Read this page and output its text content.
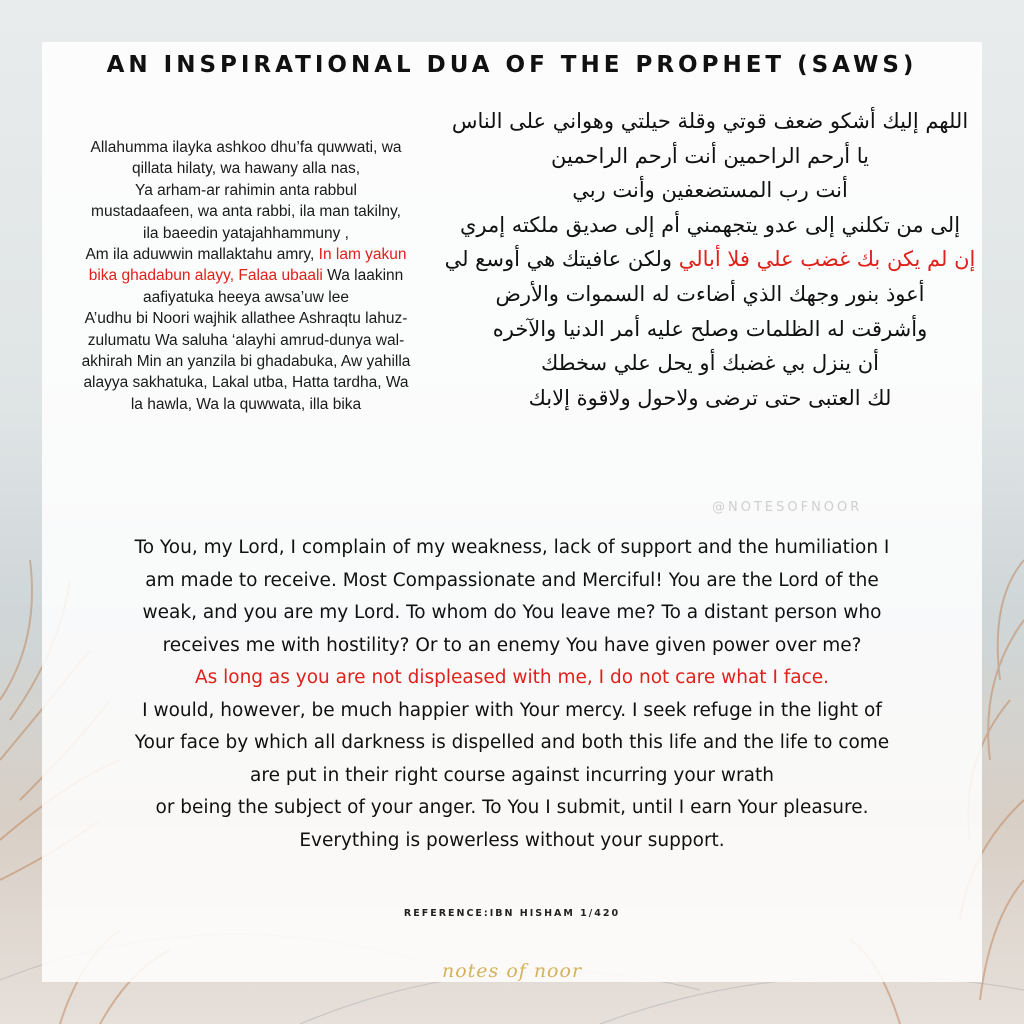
AN INSPIRATIONAL DUA OF THE PROPHET (SAWS)
Allahumma ilayka ashkoo dhu’fa quwwati, wa
qillata hilaty, wa hawany alla nas,
Ya arham-ar rahimin anta rabbul
mustadaafeen, wa anta rabbi, ila man takilny,
ila baeedin yatajahhammuny ,
Am ila aduwwin mallaktahu amry, In lam yakun
bika ghadabun alayy, Falaa ubaali Wa laakinn
aafiyatuka heeya awsa’uw lee
A’udhu bi Noori wajhik allathee Ashraqtu lahuz-
zulumatu Wa saluha ‘alayhi amrud-dunya wal-
akhirah Min an yanzila bi ghadabuka, Aw yahilla
alayya sakhatuka, Lakal utba, Hatta tardha, Wa
la hawla, Wa la quwwata, illa bika
اللهم إليك أشكو ضعف قوتي وقلة حيلتي وهواني على الناس
يا أرحم الراحمين أنت أرحم الراحمين
أنت رب المستضعفين وأنت ربي
إلى من تكلني إلى عدو يتجهمني أم إلى صديق ملكته إمري
إن لم يكن بك غضب علي فلا أبالي ولكن عافيتك هي أوسع لي
أعوذ بنور وجهك الذي أضاءت له السموات والأرض
وأشرقت له الظلمات وصلح عليه أمر الدنيا والآخره
أن ينزل بي غضبك أو يحل علي سخطك
لك العتبى حتى ترضى ولاحول ولاقوة إلابك
@NOTESOFNOOR
To You, my Lord, I complain of my weakness, lack of support and the humiliation I
am made to receive. Most Compassionate and Merciful! You are the Lord of the
weak, and you are my Lord. To whom do You leave me? To a distant person who
receives me with hostility? Or to an enemy You have given power over me?
As long as you are not displeased with me, I do not care what I face.
I would, however, be much happier with Your mercy. I seek refuge in the light of
Your face by which all darkness is dispelled and both this life and the life to come
are put in their right course against incurring your wrath
or being the subject of your anger. To You I submit, until I earn Your pleasure.
Everything is powerless without your support.
REFERENCE:IBN HISHAM 1/420
notes of noor
